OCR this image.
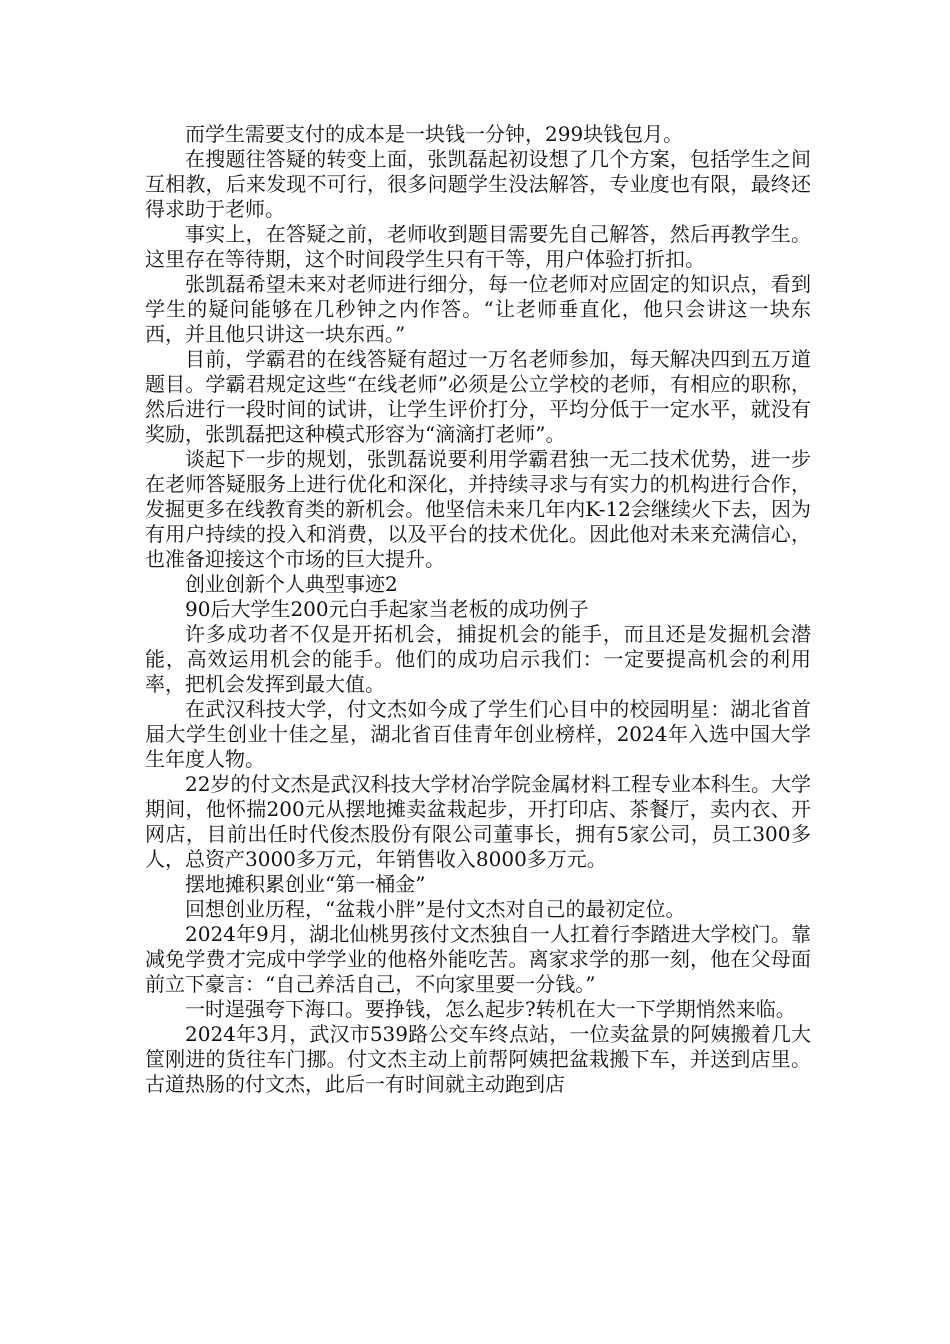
而学生需要支付的成本是一块钱一分钟，299块钱包月。

在搜题往答疑的转变上面，张凯磊起初设想了几个方案，包括学生之间互相教，后来发现不可行，很多问题学生没法解答，专业度也有限，最终还得求助于老师。

事实上，在答疑之前，老师收到题目需要先自己解答，然后再教学生。这里存在等待期，这个时间段学生只有干等，用户体验打折扣。

张凯磊希望未来对老师进行细分，每一位老师对应固定的知识点，看到学生的疑问能够在几秒钟之内作答。“让老师垂直化，他只会讲这一块东西，并且他只讲这一块东西。”

目前，学霸君的在线答疑有超过一万名老师参加，每天解决四到五万道题目。学霸君规定这些“在线老师”必须是公立学校的老师，有相应的职称，然后进行一段时间的试讲，让学生评价打分，平均分低于一定水平，就没有奖励，张凯磊把这种模式形容为“滴滴打老师”。

谈起下一步的规划，张凯磊说要利用学霸君独一无二技术优势，进一步在老师答疑服务上进行优化和深化，并持续寻求与有实力的机构进行合作，发掘更多在线教育类的新机会。他坚信未来几年内K-12会继续火下去，因为有用户持续的投入和消费，以及平台的技术优化。因此他对未来充满信心，也准备迎接这个市场的巨大提升。

创业创新个人典型事迹2

90后大学生200元白手起家当老板的成功例子

许多成功者不仅是开拓机会，捕捉机会的能手，而且还是发掘机会潜能，高效运用机会的能手。他们的成功启示我们：一定要提高机会的利用率，把机会发挥到最大值。

在武汉科技大学，付文杰如今成了学生们心目中的校园明星：湖北省首届大学生创业十佳之星，湖北省百佳青年创业榜样，2024年入选中国大学生年度人物。

22岁的付文杰是武汉科技大学材冶学院金属材料工程专业本科生。大学期间，他怀揣200元从摆地摊卖盆栽起步，开打印店、茶餐厅，卖内衣、开网店，目前出任时代俊杰股份有限公司董事长，拥有5家公司，员工300多人，总资产3000多万元，年销售收入8000多万元。

摆地摊积累创业“第一桶金”

回想创业历程，“盆栽小胖”是付文杰对自己的最初定位。

2024年9月，湖北仙桃男孩付文杰独自一人扛着行李踏进大学校门。靠减免学费才完成中学学业的他格外能吃苦。离家求学的那一刻，他在父母面前立下豪言：“自己养活自己，不向家里要一分钱。”

一时逞强夸下海口。要挣钱，怎么起步?转机在大一下学期悄然来临。

2024年3月，武汉市539路公交车终点站，一位卖盆景的阿姨搬着几大筐刚进的货往车门挪。付文杰主动上前帮阿姨把盆栽搬下车，并送到店里。古道热肠的付文杰，此后一有时间就主动跑到店
